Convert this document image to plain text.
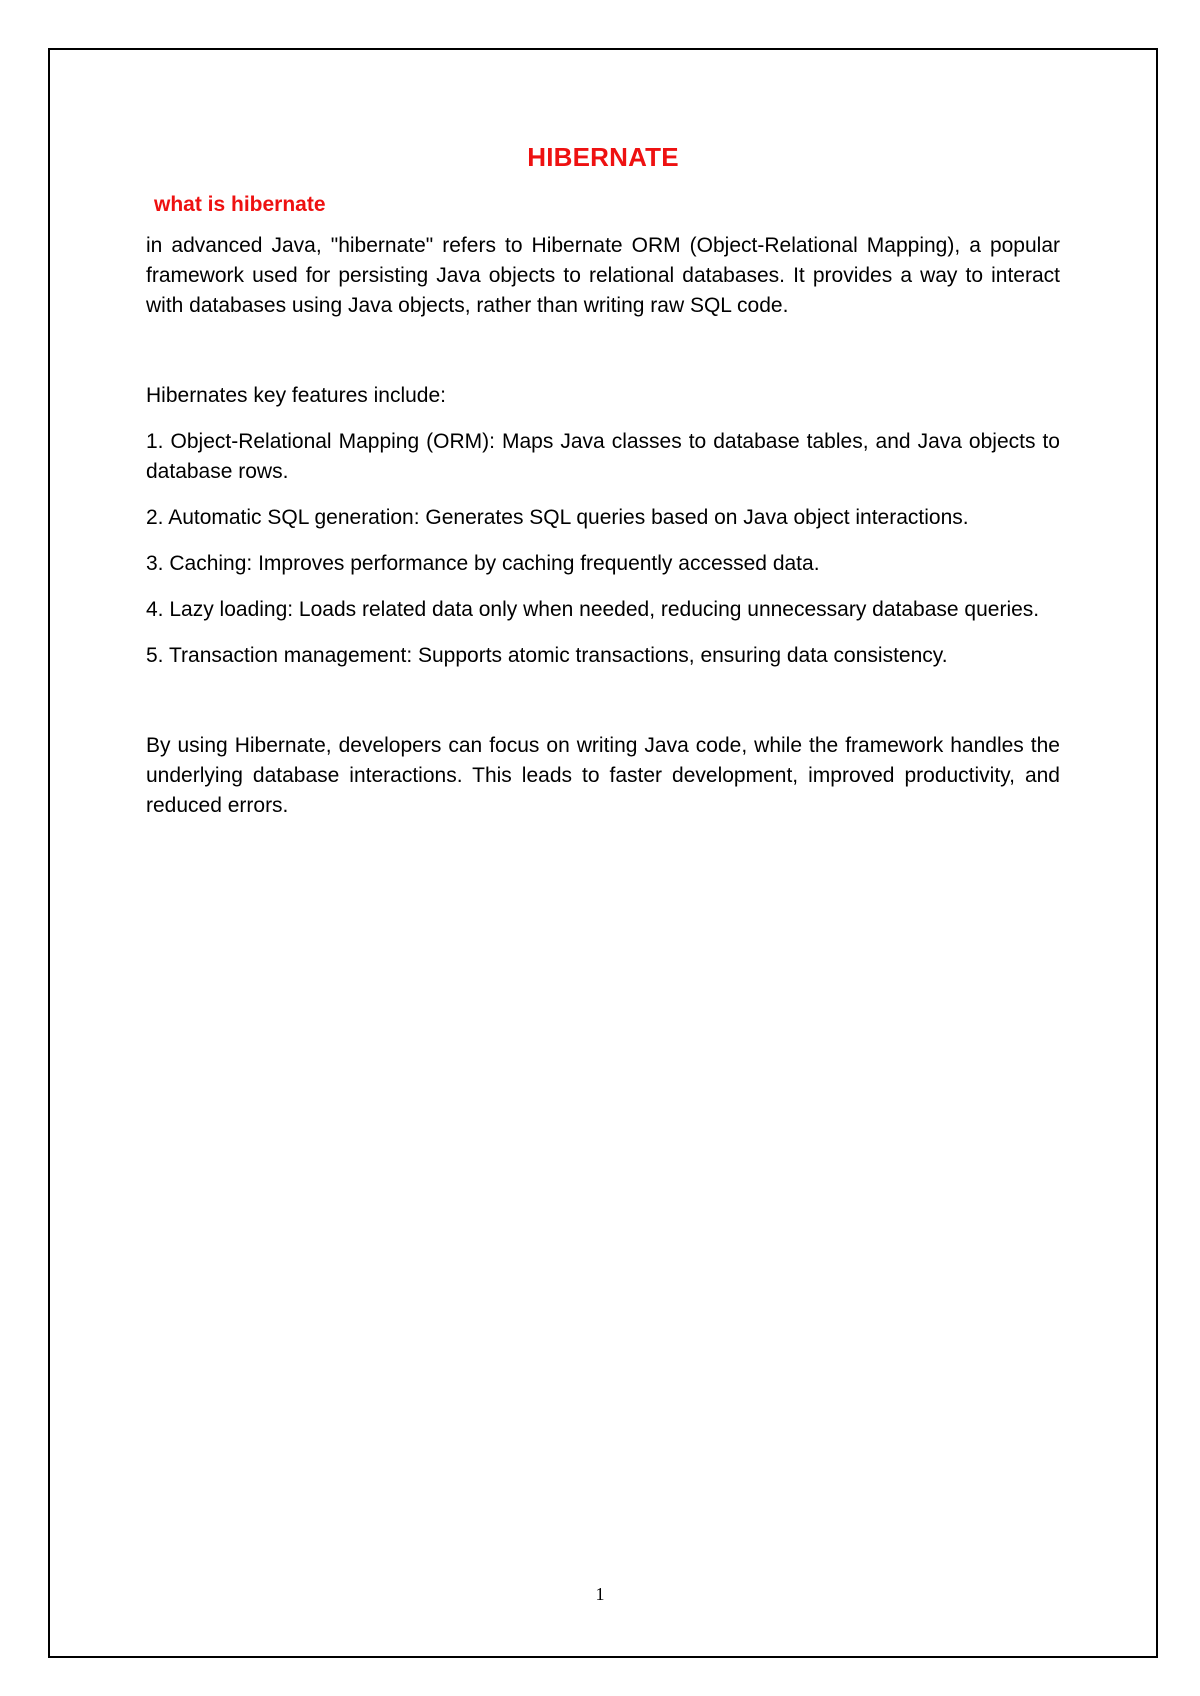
HIBERNATE
what is hibernate

in advanced Java, "hibernate" refers to Hibernate ORM (Object-Relational Mapping), a popular framework used for persisting Java objects to relational databases. It provides a way to interact with databases using Java objects, rather than writing raw SQL code.

Hibernates key features include:

1. Object-Relational Mapping (ORM): Maps Java classes to database tables, and Java objects to database rows.

2. Automatic SQL generation: Generates SQL queries based on Java object interactions.

3. Caching: Improves performance by caching frequently accessed data.

4. Lazy loading: Loads related data only when needed, reducing unnecessary database queries.

5. Transaction management: Supports atomic transactions, ensuring data consistency.

By using Hibernate, developers can focus on writing Java code, while the framework handles the underlying database interactions. This leads to faster development, improved productivity, and reduced errors.

1
